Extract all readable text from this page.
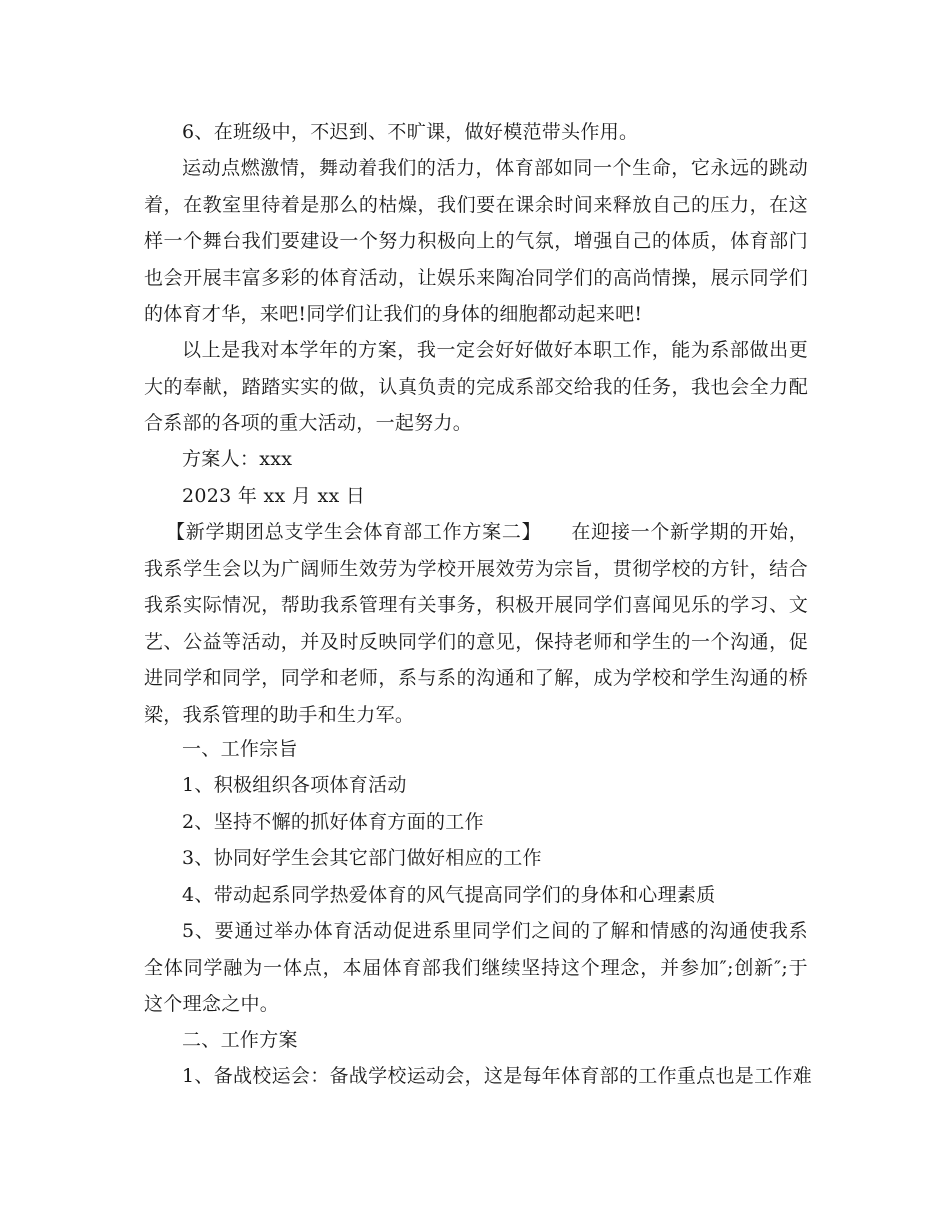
6、在班级中，不迟到、不旷课，做好模范带头作用。

运动点燃激情，舞动着我们的活力，体育部如同一个生命，它永远的跳动着，在教室里待着是那么的枯燥，我们要在课余时间来释放自己的压力，在这样一个舞台我们要建设一个努力积极向上的气氛，增强自己的体质，体育部门也会开展丰富多彩的体育活动，让娱乐来陶冶同学们的高尚情操，展示同学们的体育才华，来吧!同学们让我们的身体的细胞都动起来吧!

以上是我对本学年的方案，我一定会好好做好本职工作，能为系部做出更大的奉献，踏踏实实的做，认真负责的完成系部交给我的任务，我也会全力配合系部的各项的重大活动，一起努力。

方案人：xxx

2023 年 xx 月 xx 日

【新学期团总支学生会体育部工作方案二】　　在迎接一个新学期的开始，我系学生会以为广阔师生效劳为学校开展效劳为宗旨，贯彻学校的方针，结合我系实际情况，帮助我系管理有关事务，积极开展同学们喜闻见乐的学习、文艺、公益等活动，并及时反映同学们的意见，保持老师和学生的一个沟通，促进同学和同学，同学和老师，系与系的沟通和了解，成为学校和学生沟通的桥梁，我系管理的助手和生力军。

一、工作宗旨

1、积极组织各项体育活动

2、坚持不懈的抓好体育方面的工作

3、协同好学生会其它部门做好相应的工作

4、带动起系同学热爱体育的风气提高同学们的身体和心理素质

5、要通过举办体育活动促进系里同学们之间的了解和情感的沟通使我系全体同学融为一体点，本届体育部我们继续坚持这个理念，并参加″;创新″;于这个理念之中。

二、工作方案

1、备战校运会：备战学校运动会，这是每年体育部的工作重点也是工作难
